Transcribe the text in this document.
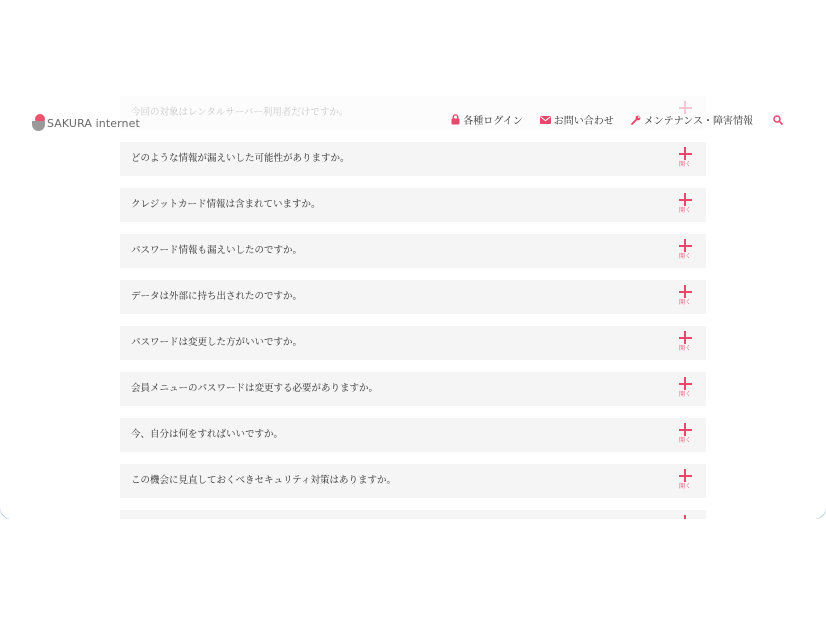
今回の対象はレンタルサーバー利用者だけですか。
どのような情報が漏えいした可能性がありますか。
開く
クレジットカード情報は含まれていますか。
開く
パスワード情報も漏えいしたのですか。
開く
データは外部に持ち出されたのですか。
開く
パスワードは変更した方がいいですか。
開く
会員メニューのパスワードは変更する必要がありますか。
開く
今、自分は何をすればいいですか。
開く
この機会に見直しておくべきセキュリティ対策はありますか。
開く
SAKURA internet	各種ログイン	お問い合わせ	メンテナンス・障害情報
